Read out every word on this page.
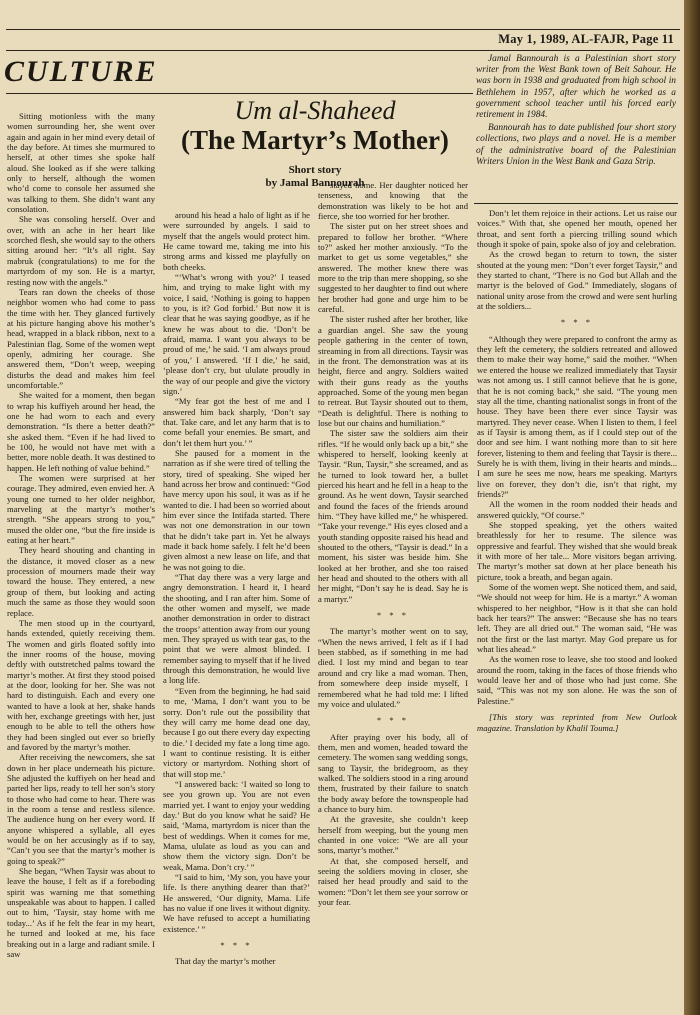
May 1, 1989, AL-FAJR, Page 11
CULTURE
Um al-Shaheed
(The Martyr’s Mother)
Short story
by Jamal Bannourah

Jamal Bannourah is a Palestinian short story writer from the West Bank town of Beit Sahour. He was born in 1938 and graduated from high school in Bethlehem in 1957, after which he worked as a government school teacher until his forced early retirement in 1984.

Bannourah has to date published four short story collections, two plays and a novel. He is a member of the administrative board of the Palestinian Writers Union in the West Bank and Gaza Strip.

Sitting motionless with the many women surrounding her, she went over again and again in her mind every detail of the day before. At times she murmured to herself, at other times she spoke half aloud. She looked as if she were talking only to herself, although the women who’d come to console her assumed she was talking to them. She didn’t want any consolation.

She was consoling herself. Over and over, with an ache in her heart like scorched flesh, she would say to the others sitting around her: “It’s all right. Say mabruk (congratulations) to me for the martyrdom of my son. He is a martyr, resting now with the angels.”

Tears ran down the cheeks of those neighbor women who had come to pass the time with her. They glanced furtively at his picture hanging above his mother’s head, wrapped in a black ribbon, next to a Palestinian flag. Some of the women wept openly, admiring her courage. She answered them, “Don’t weep, weeping disturbs the dead and makes him feel uncomfortable.”

She waited for a moment, then began to wrap his kuffiyeh around her head, the one he had worn to each and every demonstration. “Is there a better death?” she asked them. “Even if he had lived to be 100, he would not have met with a better, more noble death. It was destined to happen. He left nothing of value behind.”

The women were surprised at her courage. They admired, even envied her. A young one turned to her older neighbor, marveling at the martyr’s mother’s strength. “She appears strong to you,” mused the older one, “but the fire inside is eating at her heart.”

They heard shouting and chanting in the distance, it moved closer as a new procession of mourners made their way toward the house. They entered, a new group of them, but looking and acting much the same as those they would soon replace.

The men stood up in the courtyard, hands extended, quietly receiving them. The women and girls floated softly into the inner rooms of the house, moving deftly with outstretched palms toward the martyr’s mother. At first they stood poised at the door, looking for her. She was not hard to distinguish. Each and every one wanted to have a look at her, shake hands with her, exchange greetings with her, just enough to be able to tell the others how they had been singled out ever so briefly and favored by the martyr’s mother.

After receiving the newcomers, she sat down in her place underneath his picture. She adjusted the kuffiyeh on her head and parted her lips, ready to tell her son’s story to those who had come to hear. There was in the room a tense and restless silence. The audience hung on her every word. If anyone whispered a syllable, all eyes would be on her accusingly as if to say, “Can’t you see that the martyr’s mother is going to speak?”

She began, “When Taysir was about to leave the house, I felt as if a foreboding spirit was warning me that something unspeakable was about to happen. I called out to him, ‘Taysir, stay home with me today...’ As if he felt the fear in my heart, he turned and looked at me, his face breaking out in a large and radiant smile. I saw

around his head a halo of light as if he were surrounded by angels. I said to myself that the angels would protect him. He came toward me, taking me into his strong arms and kissed me playfully on both cheeks.

“‘What’s wrong with you?’ I teased him, and trying to make light with my voice, I said, ‘Nothing is going to happen to you, is it? God forbid.’ But now it is clear that he was saying goodbye, as if he knew he was about to die. ‘Don’t be afraid, mama. I want you always to be proud of me,’ he said. ‘I am always proud of you,’ I answered. ‘If I die,’ he said, ‘please don’t cry, but ululate proudly in the way of our people and give the victory sign.’

“My fear got the best of me and I answered him back sharply, ‘Don’t say that. Take care, and let any harm that is to come befall your enemies. Be smart, and don’t let them hurt you.’ ”

She paused for a moment in the narration as if she were tired of telling the story, tired of speaking. She wiped her hand across her brow and continued: “God have mercy upon his soul, it was as if he wanted to die. I had been so worried about him ever since the Intifada started. There was not one demonstration in our town that he didn’t take part in. Yet he always made it back home safely. I felt he’d been given almost a new lease on life, and that he was not going to die.

“That day there was a very large and angry demonstration. I heard it, I heard the shooting, and I ran after him. Some of the other women and myself, we made another demonstration in order to distract the troops’ attention away from our young men. They sprayed us with tear gas, to the point that we were almost blinded. I remember saying to myself that if he lived through this demonstration, he would live a long life.

“Even from the beginning, he had said to me, ‘Mama, I don’t want you to be sorry. Don’t rule out the possibility that they will carry me home dead one day, because I go out there every day expecting to die.’ I decided my fate a long time ago. I want to continue resisting. It is either victory or martyrdom. Nothing short of that will stop me.’

“I answered back: ‘I waited so long to see you grown up. You are not even married yet. I want to enjoy your wedding day.’ But do you know what he said? He said, ‘Mama, martyrdom is nicer than the best of weddings. When it comes for me, Mama, ululate as loud as you can and show them the victory sign. Don’t be weak, Mama. Don’t cry.’ ”

“I said to him, ‘My son, you have your life. Is there anything dearer than that?’ He answered, ‘Our dignity, Mama. Life has no value if one lives it without dignity. We have refused to accept a humiliating existence.’ ”

* * *

That day the martyr’s mother

stayed home. Her daughter noticed her tenseness, and knowing that the demonstration was likely to be hot and fierce, she too worried for her brother.

The sister put on her street shoes and prepared to follow her brother. “Where to?” asked her mother anxiously. “To the market to get us some vegetables,” she answered. The mother knew there was more to the trip than mere shopping, so she suggested to her daughter to find out where her brother had gone and urge him to be careful.

The sister rushed after her brother, like a guardian angel. She saw the young people gathering in the center of town, streaming in from all directions. Taysir was in the front. The demonstration was at its height, fierce and angry. Soldiers waited with their guns ready as the youths approached. Some of the young men began to retreat. But Taysir shouted out to them, “Death is delightful. There is nothing to lose but our chains and humiliation.”

The sister saw the soldiers aim their rifles. “If he would only back up a bit,” she whispered to herself, looking keenly at Taysir. “Run, Taysir,” she screamed, and as he turned to look toward her, a bullet pierced his heart and he fell in a heap to the ground. As he went down, Taysir searched and found the faces of the friends around him. “They have killed me,” he whispered. “Take your revenge.” His eyes closed and a youth standing opposite raised his head and shouted to the others, “Taysir is dead.” In a moment, his sister was beside him. She looked at her brother, and she too raised her head and shouted to the others with all her might, “Don’t say he is dead. Say he is a martyr.”

* * *

The martyr’s mother went on to say, “When the news arrived, I felt as if I had been stabbed, as if something in me had died. I lost my mind and began to tear around and cry like a mad woman. Then, from somewhere deep inside myself, I remembered what he had told me: I lifted my voice and ululated.”

* * *

After praying over his body, all of them, men and women, headed toward the cemetery. The women sang wedding songs, sang to Taysir, the bridegroom, as they walked. The soldiers stood in a ring around them, frustrated by their failure to snatch the body away before the townspeople had a chance to bury him.

At the gravesite, she couldn’t keep herself from weeping, but the young men chanted in one voice: “We are all your sons, martyr’s mother.”

At that, she composed herself, and seeing the soldiers moving in closer, she raised her head proudly and said to the women: “Don’t let them see your sorrow or your fear.

Don’t let them rejoice in their actions. Let us raise our voices.” With that, she opened her mouth, opened her throat, and sent forth a piercing trilling sound which though it spoke of pain, spoke also of joy and celebration.

As the crowd began to return to town, the sister shouted at the young men: “Don’t ever forget Taysir,” and they started to chant, “There is no God but Allah and the martyr is the beloved of God.” Immediately, slogans of national unity arose from the crowd and were sent hurling at the soldiers...

* * *

“Although they were prepared to confront the army as they left the cemetery, the soldiers retreated and allowed them to make their way home,” said the mother. “When we entered the house we realized immediately that Taysir was not among us. I still cannot believe that he is gone, that he is not coming back,” she said. “The young men stay all the time, chanting nationalist songs in front of the house. They have been there ever since Taysir was martyred. They never cease. When I listen to them, I feel as if Taysir is among them, as if I could step out of the door and see him. I want nothing more than to sit here forever, listening to them and feeling that Taysir is there... Surely he is with them, living in their hearts and minds... I am sure he sees me now, hears me speaking. Martyrs live on forever, they don’t die, isn’t that right, my friends?”

All the women in the room nodded their heads and answered quickly, “Of course.”

She stopped speaking, yet the others waited breathlessly for her to resume. The silence was oppressive and fearful. They wished that she would break it with more of her tale... More visitors began arriving. The martyr’s mother sat down at her place beneath his picture, took a breath, and began again.

Some of the women wept. She noticed them, and said, “We should not weep for him. He is a martyr.” A woman whispered to her neighbor, “How is it that she can hold back her tears?” The answer: “Because she has no tears left. They are all dried out.” The woman said, “He was not the first or the last martyr. May God prepare us for what lies ahead.”

As the women rose to leave, she too stood and looked around the room, taking in the faces of those friends who would leave her and of those who had just come. She said, “This was not my son alone. He was the son of Palestine.”

[This story was reprinted from New Outlook magazine. Translation by Khalil Touma.]
